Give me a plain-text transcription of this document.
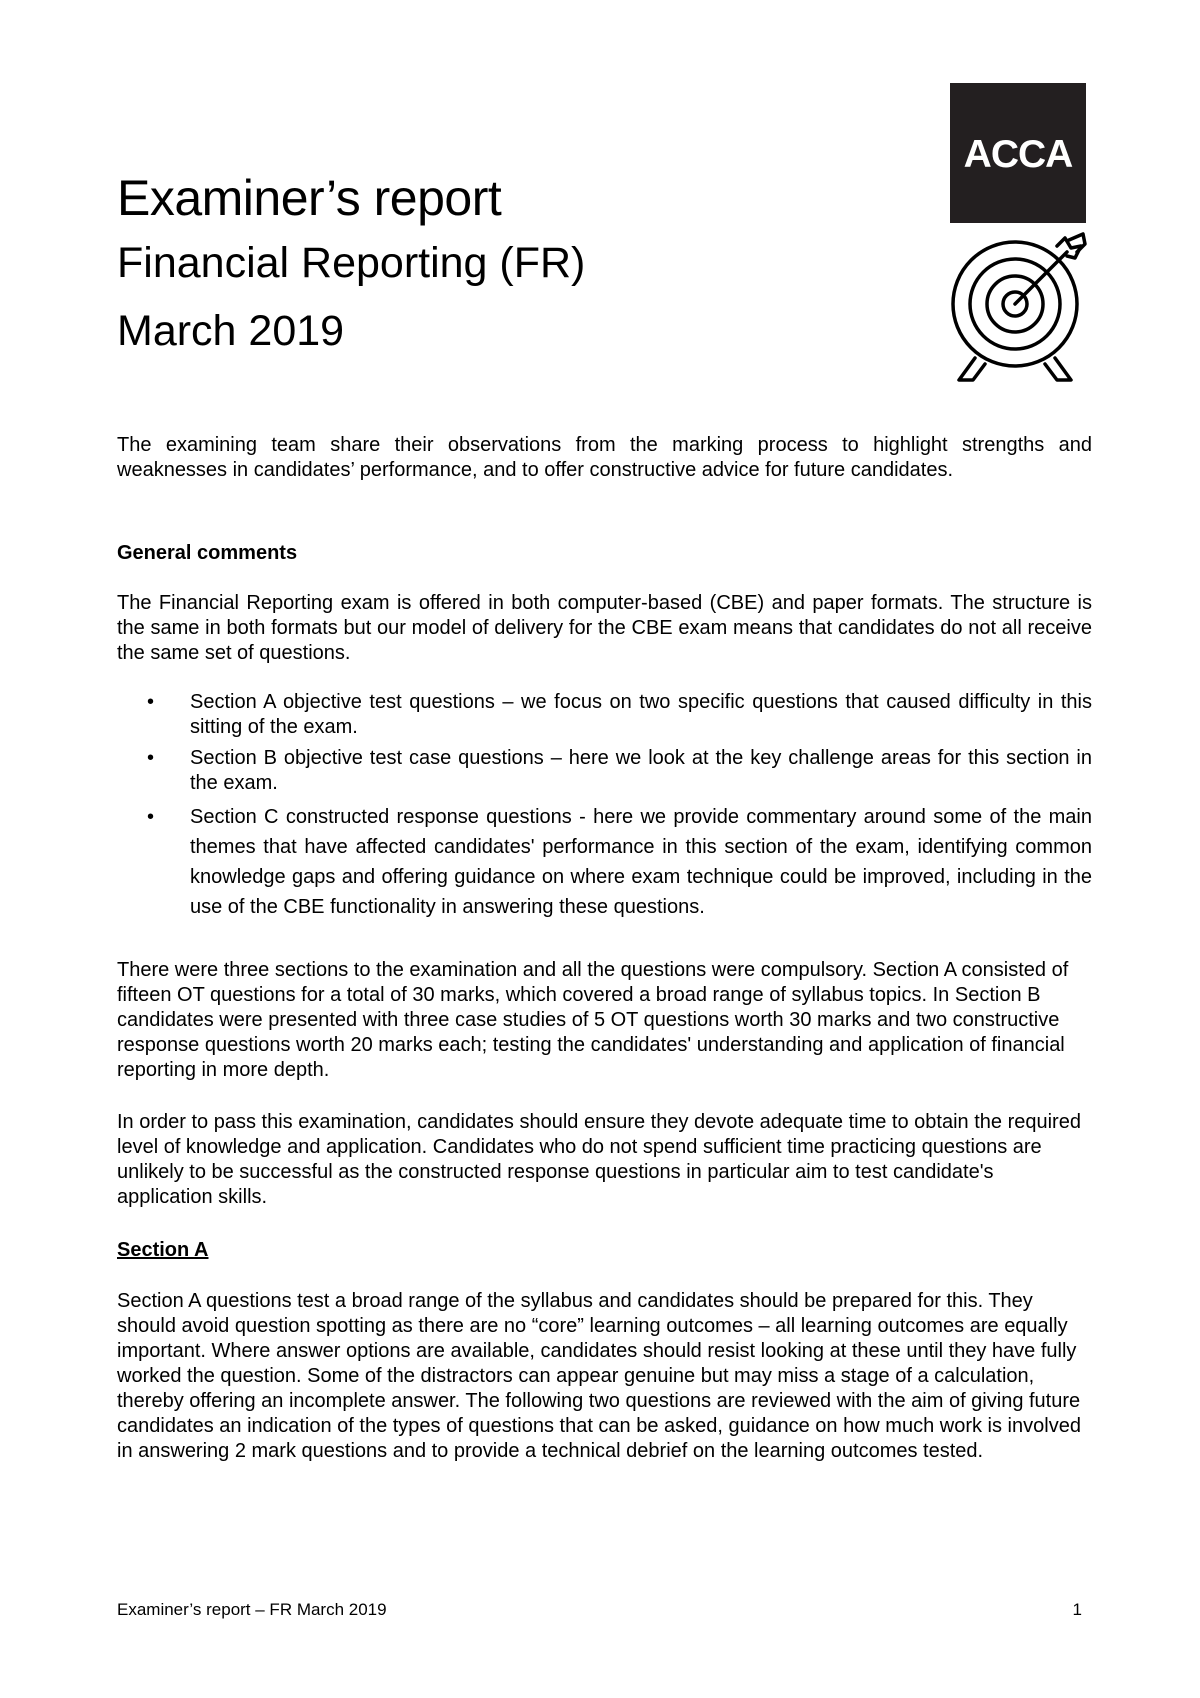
Examiner’s report
Financial Reporting (FR)
March 2019
ACCA
The examining team share their observations from the marking process to highlight strengths and weaknesses in candidates’ performance, and to offer constructive advice for future candidates.
General comments
The Financial Reporting exam is offered in both computer-based (CBE) and paper formats. The structure is the same in both formats but our model of delivery for the CBE exam means that candidates do not all receive the same set of questions.
• Section A objective test questions – we focus on two specific questions that caused difficulty in this sitting of the exam.
• Section B objective test case questions – here we look at the key challenge areas for this section in the exam.
• Section C constructed response questions - here we provide commentary around some of the main themes that have affected candidates' performance in this section of the exam, identifying common knowledge gaps and offering guidance on where exam technique could be improved, including in the use of the CBE functionality in answering these questions.
There were three sections to the examination and all the questions were compulsory. Section A consisted of fifteen OT questions for a total of 30 marks, which covered a broad range of syllabus topics. In Section B candidates were presented with three case studies of 5 OT questions worth 30 marks and two constructive response questions worth 20 marks each; testing the candidates' understanding and application of financial reporting in more depth.
In order to pass this examination, candidates should ensure they devote adequate time to obtain the required level of knowledge and application. Candidates who do not spend sufficient time practicing questions are unlikely to be successful as the constructed response questions in particular aim to test candidate's application skills.
Section A
Section A questions test a broad range of the syllabus and candidates should be prepared for this. They should avoid question spotting as there are no “core” learning outcomes – all learning outcomes are equally important. Where answer options are available, candidates should resist looking at these until they have fully worked the question. Some of the distractors can appear genuine but may miss a stage of a calculation, thereby offering an incomplete answer. The following two questions are reviewed with the aim of giving future candidates an indication of the types of questions that can be asked, guidance on how much work is involved in answering 2 mark questions and to provide a technical debrief on the learning outcomes tested.
Examiner’s report – FR March 2019	1
